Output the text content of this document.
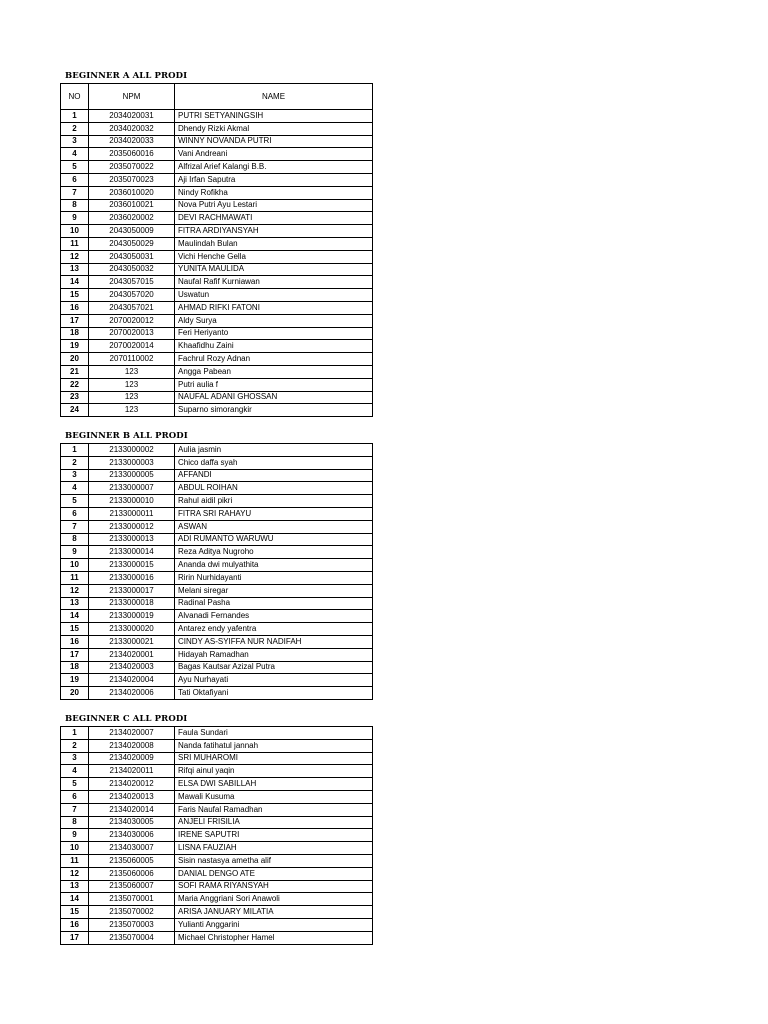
BEGINNER A ALL PRODI
NO	NPM	NAME
1	2034020031	PUTRI SETYANINGSIH
2	2034020032	Dhendy Rizki Akmal
3	2034020033	WINNY NOVANDA PUTRI
4	2035060016	Vani Andreani
5	2035070022	Alfrizal Arief Kalangi B.B.
6	2035070023	Aji Irfan Saputra
7	2036010020	Nindy Rofikha
8	2036010021	Nova Putri Ayu Lestari
9	2036020002	DEVI RACHMAWATI
10	2043050009	FITRA ARDIYANSYAH
11	2043050029	Maulindah Bulan
12	2043050031	Vichi Henche Gella
13	2043050032	YUNITA MAULIDA
14	2043057015	Naufal Rafif Kurniawan
15	2043057020	Uswatun
16	2043057021	AHMAD RIFKI FATONI
17	2070020012	Aldy Surya
18	2070020013	Feri Heriyanto
19	2070020014	Khaafidhu Zaini
20	2070110002	Fachrul Rozy Adnan
21	123	Angga Pabean
22	123	Putri aulia f
23	123	NAUFAL ADANI GHOSSAN
24	123	Suparno simorangkir
BEGINNER B ALL PRODI
1	2133000002	Aulia jasmin
2	2133000003	Chico daffa syah
3	2133000005	AFFANDI
4	2133000007	ABDUL ROIHAN
5	2133000010	Rahul aidil pikri
6	2133000011	FITRA SRI RAHAYU
7	2133000012	ASWAN
8	2133000013	ADI RUMANTO WARUWU
9	2133000014	Reza Aditya Nugroho
10	2133000015	Ananda dwi mulyathita
11	2133000016	Ririn Nurhidayanti
12	2133000017	Melani siregar
13	2133000018	Radinal Pasha
14	2133000019	Alvanadi Fernandes
15	2133000020	Antarez endy yafentra
16	2133000021	CINDY AS-SYIFFA NUR NADIFAH
17	2134020001	Hidayah Ramadhan
18	2134020003	Bagas Kautsar Azizal Putra
19	2134020004	Ayu Nurhayati
20	2134020006	Tati Oktafiyani
BEGINNER C ALL PRODI
1	2134020007	Faula Sundari
2	2134020008	Nanda fatihatul jannah
3	2134020009	SRI MUHAROMI
4	2134020011	Rifqi ainul yaqin
5	2134020012	ELSA DWI SABILLAH
6	2134020013	Mawali Kusuma
7	2134020014	Faris Naufal Ramadhan
8	2134030005	ANJELI FRISILIA
9	2134030006	IRENE SAPUTRI
10	2134030007	LISNA FAUZIAH
11	2135060005	Sisin nastasya ametha alif
12	2135060006	DANIAL DENGO ATE
13	2135060007	SOFI RAMA RIYANSYAH
14	2135070001	Maria Anggriani Sori Anawoli
15	2135070002	ARISA JANUARY MILATIA
16	2135070003	Yulianti Anggarini
17	2135070004	Michael Christopher Hamel
